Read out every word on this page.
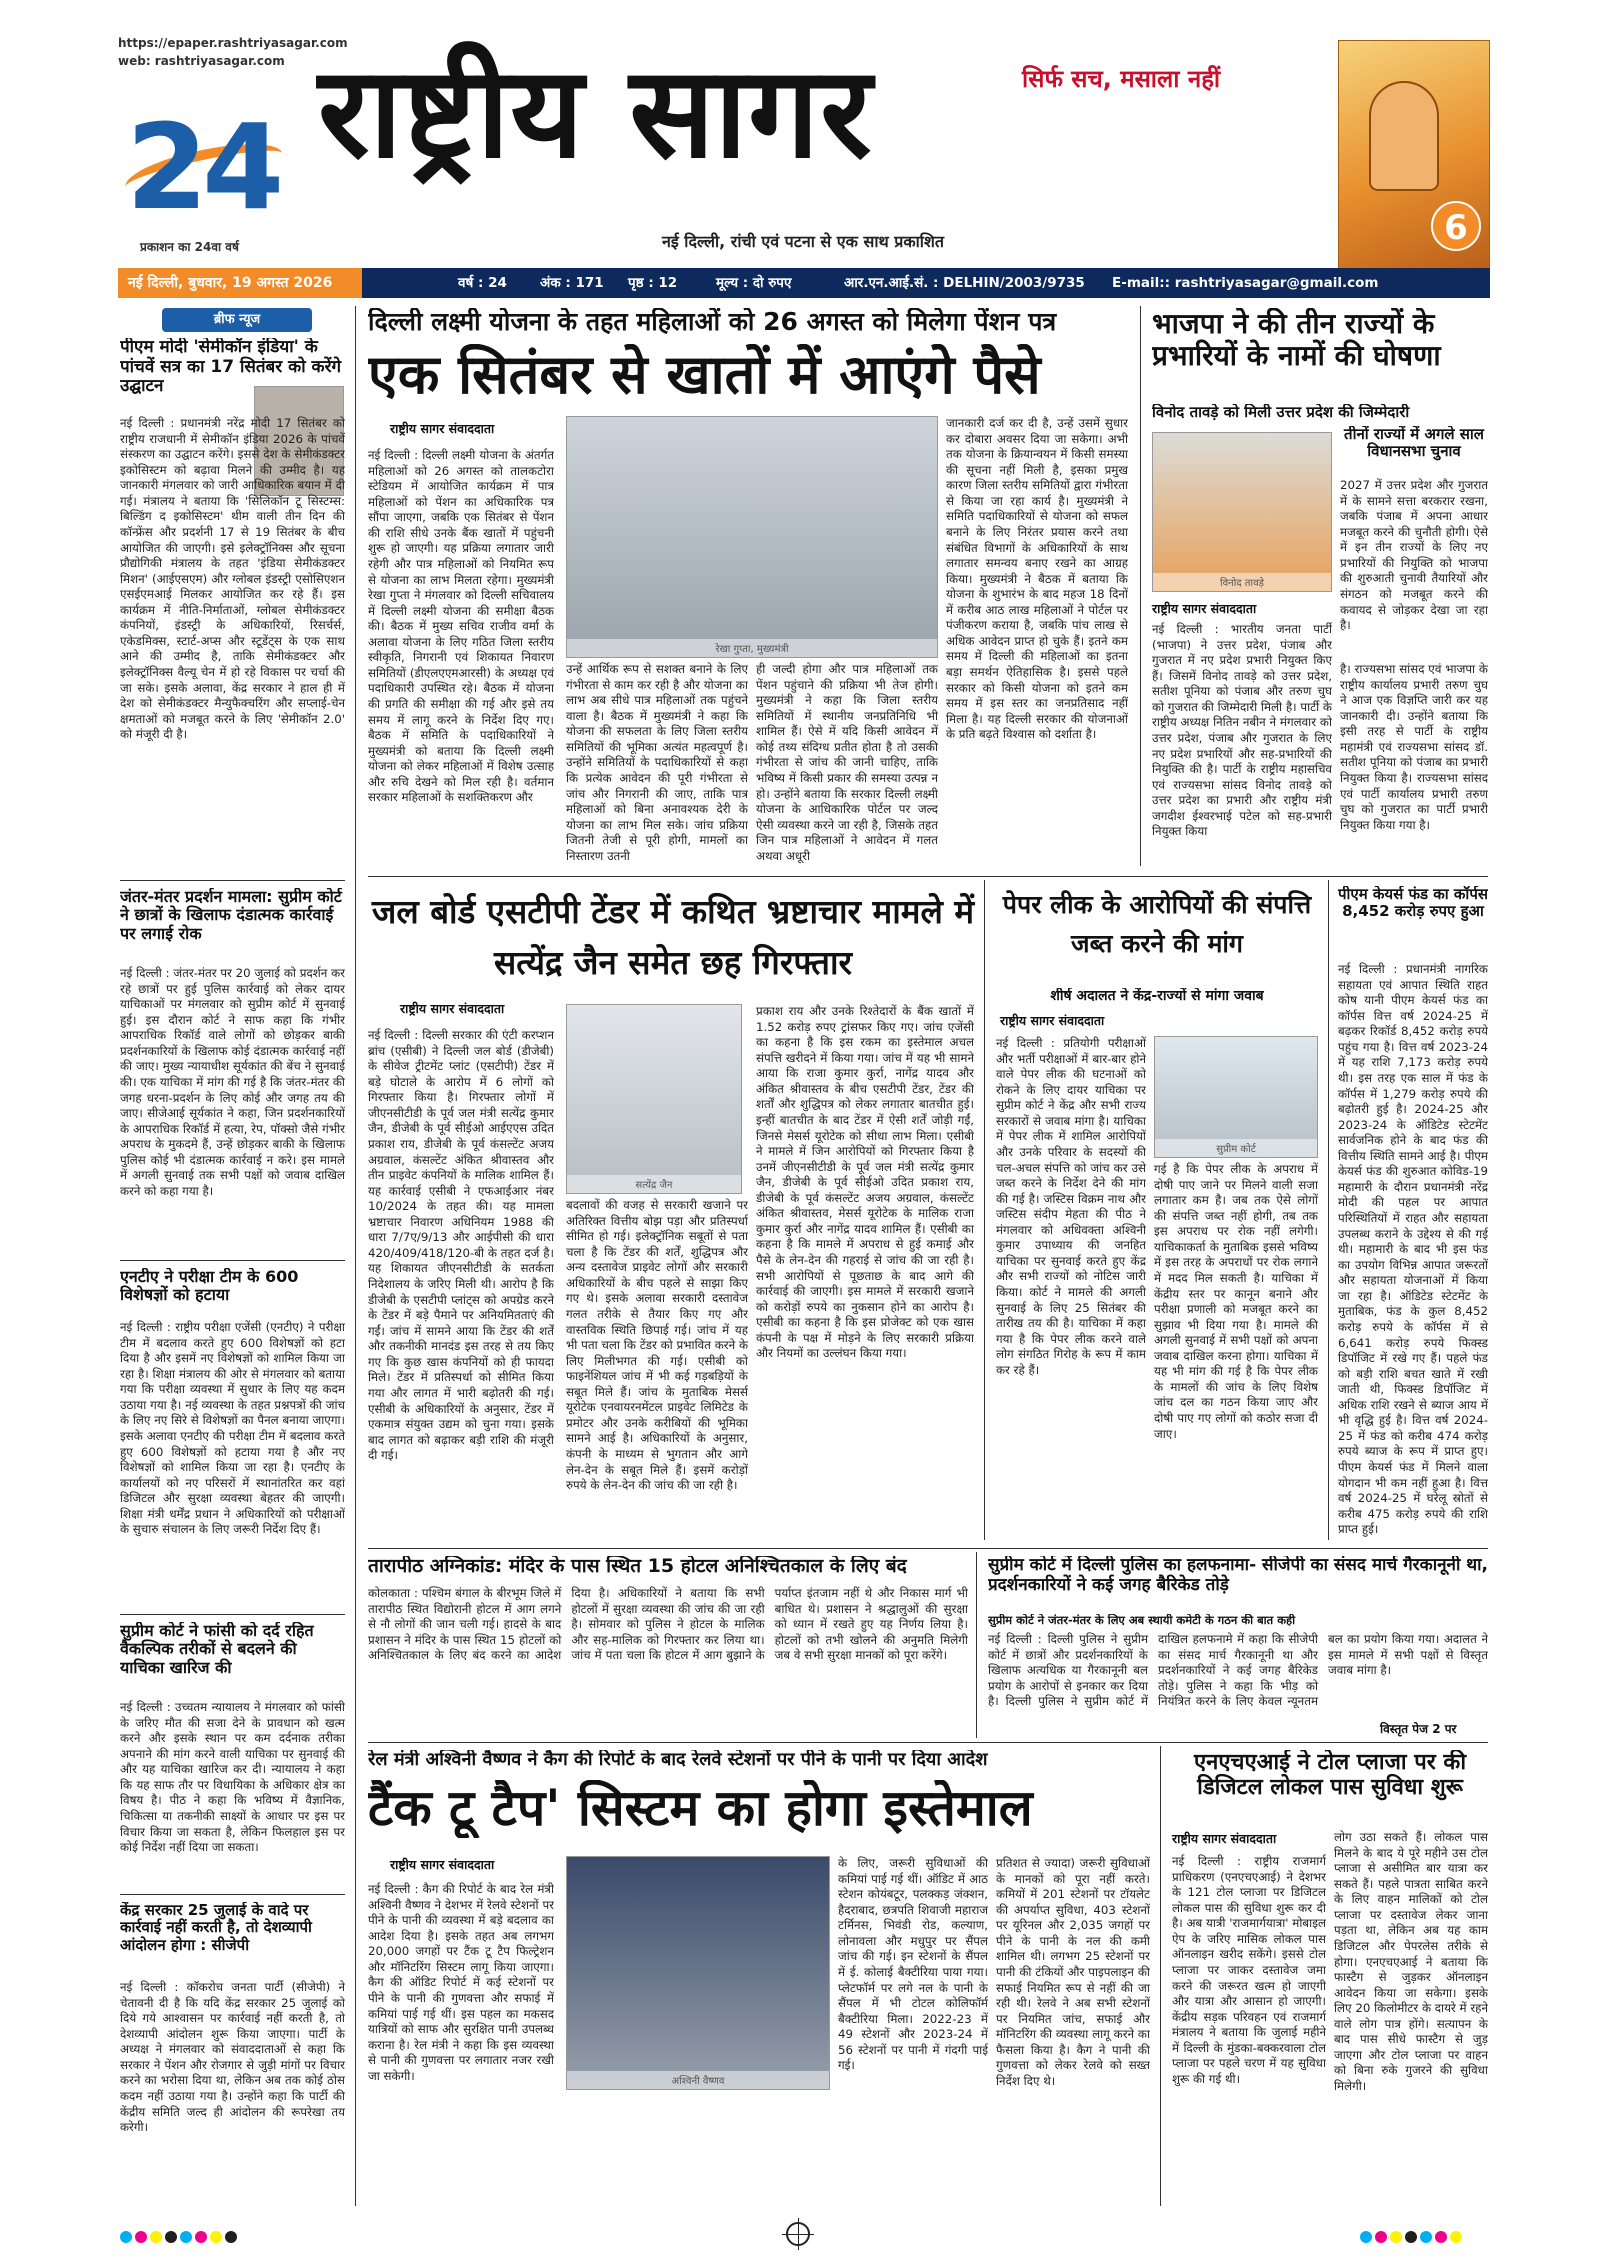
https://epaper.rashtriyasagar.com
web: rashtriyasagar.com
24
प्रकाशन का 24वा वर्ष
राष्ट्रीय सागर	सिर्फ सच, मसाला नहीं
नई दिल्ली, रांची एवं पटना से एक साथ प्रकाशित	6
नई दिल्ली, बुधवार, 19 अगस्त 2026	वर्ष : 24 अंक : 171 पृष्ठ : 12	मूल्य : दो रुपए	आर.एन.आई.सं. : DELHIN/2003/9735 E-mail:: rashtriyasagar@gmail.com
ब्रीफ न्यूज
पीएम मोदी 'सेमीकॉन इंडिया' के पांचवें सत्र का 17 सितंबर को करेंगे उद्घाटन
नई दिल्ली : प्रधानमंत्री नरेंद्र मोदी 17 सितंबर को राष्ट्रीय राजधानी में सेमीकॉन इंडिया 2026 के पांचवें संस्करण का उद्घाटन करेंगे। इससे देश के सेमीकंडक्टर इकोसिस्टम को बढ़ावा मिलने की उम्मीद है। यह जानकारी मंगलवार को जारी आधिकारिक बयान में दी गई। मंत्रालय ने बताया कि 'सिलिकॉन टू सिस्टम्स: बिल्डिंग द इकोसिस्टम' थीम वाली तीन दिन की कॉन्फ्रेंस और प्रदर्शनी 17 से 19 सितंबर के बीच आयोजित की जाएगी। इसे इलेक्ट्रॉनिक्स और सूचना प्रौद्योगिकी मंत्रालय के तहत 'इंडिया सेमीकंडक्टर मिशन' (आईएसएम) और ग्लोबल इंडस्ट्री एसोसिएशन एसईएमआई मिलकर आयोजित कर रहे हैं। इस कार्यक्रम में नीति-निर्माताओं, ग्लोबल सेमीकंडक्टर कंपनियों, इंडस्ट्री के अधिकारियों, रिसर्चर्स, एकेडमिक्स, स्टार्ट-अप्स और स्टूडेंट्स के एक साथ आने की उम्मीद है, ताकि सेमीकंडक्टर और इलेक्ट्रॉनिक्स वैल्यू चेन में हो रहे विकास पर चर्चा की जा सके। इसके अलावा, केंद्र सरकार ने हाल ही में देश को सेमीकंडक्टर मैन्युफैक्चरिंग और सप्लाई-चेन क्षमताओं को मजबूत करने के लिए 'सेमीकॉन 2.0' को मंजूरी दी है।
जंतर-मंतर प्रदर्शन मामला: सुप्रीम कोर्ट ने छात्रों के खिलाफ दंडात्मक कार्रवाई पर लगाई रोक
नई दिल्ली : जंतर-मंतर पर 20 जुलाई को प्रदर्शन कर रहे छात्रों पर हुई पुलिस कार्रवाई को लेकर दायर याचिकाओं पर मंगलवार को सुप्रीम कोर्ट में सुनवाई हुई। इस दौरान कोर्ट ने साफ कहा कि गंभीर आपराधिक रिकॉर्ड वाले लोगों को छोड़कर बाकी प्रदर्शनकारियों के खिलाफ कोई दंडात्मक कार्रवाई नहीं की जाए। मुख्य न्यायाधीश सूर्यकांत की बेंच ने सुनवाई की। एक याचिका में मांग की गई है कि जंतर-मंतर की जगह धरना-प्रदर्शन के लिए कोई और जगह तय की जाए। सीजेआई सूर्यकांत ने कहा, जिन प्रदर्शनकारियों के आपराधिक रिकॉर्ड में हत्या, रेप, पॉक्सो जैसे गंभीर अपराध के मुकदमे हैं, उन्हें छोड़कर बाकी के खिलाफ पुलिस कोई भी दंडात्मक कार्रवाई न करे। इस मामले में अगली सुनवाई तक सभी पक्षों को जवाब दाखिल करने को कहा गया है।
एनटीए ने परीक्षा टीम के 600 विशेषज्ञों को हटाया
नई दिल्ली : राष्ट्रीय परीक्षा एजेंसी (एनटीए) ने परीक्षा टीम में बदलाव करते हुए 600 विशेषज्ञों को हटा दिया है और इसमें नए विशेषज्ञों को शामिल किया जा रहा है। शिक्षा मंत्रालय की ओर से मंगलवार को बताया गया कि परीक्षा व्यवस्था में सुधार के लिए यह कदम उठाया गया है। नई व्यवस्था के तहत प्रश्नपत्रों की जांच के लिए नए सिरे से विशेषज्ञों का पैनल बनाया जाएगा। इसके अलावा एनटीए की परीक्षा टीम में बदलाव करते हुए 600 विशेषज्ञों को हटाया गया है और नए विशेषज्ञों को शामिल किया जा रहा है। एनटीए के कार्यालयों को नए परिसरों में स्थानांतरित कर वहां डिजिटल और सुरक्षा व्यवस्था बेहतर की जाएगी। शिक्षा मंत्री धर्मेंद्र प्रधान ने अधिकारियों को परीक्षाओं के सुचारु संचालन के लिए जरूरी निर्देश दिए हैं।
सुप्रीम कोर्ट ने फांसी को दर्द रहित वैकल्पिक तरीकों से बदलने की याचिका खारिज की
नई दिल्ली : उच्चतम न्यायालय ने मंगलवार को फांसी के जरिए मौत की सजा देने के प्रावधान को खत्म करने और इसके स्थान पर कम दर्दनाक तरीका अपनाने की मांग करने वाली याचिका पर सुनवाई की और यह याचिका खारिज कर दी। न्यायालय ने कहा कि यह साफ तौर पर विधायिका के अधिकार क्षेत्र का विषय है। पीठ ने कहा कि भविष्य में वैज्ञानिक, चिकित्सा या तकनीकी साक्ष्यों के आधार पर इस पर विचार किया जा सकता है, लेकिन फिलहाल इस पर कोई निर्देश नहीं दिया जा सकता।
केंद्र सरकार 25 जुलाई के वादे पर कार्रवाई नहीं करती है, तो देशव्यापी आंदोलन होगा : सीजेपी
नई दिल्ली : कॉकरोच जनता पार्टी (सीजेपी) ने चेतावनी दी है कि यदि केंद्र सरकार 25 जुलाई को दिये गये आश्वासन पर कार्रवाई नहीं करती है, तो देशव्यापी आंदोलन शुरू किया जाएगा। पार्टी के अध्यक्ष ने मंगलवार को संवाददाताओं से कहा कि सरकार ने पेंशन और रोजगार से जुड़ी मांगों पर विचार करने का भरोसा दिया था, लेकिन अब तक कोई ठोस कदम नहीं उठाया गया है। उन्होंने कहा कि पार्टी की केंद्रीय समिति जल्द ही आंदोलन की रूपरेखा तय करेगी।
दिल्ली लक्ष्मी योजना के तहत महिलाओं को 26 अगस्त को मिलेगा पेंशन पत्र
एक सितंबर से खातों में आएंगे पैसे
राष्ट्रीय सागर संवाददाता
नई दिल्ली : दिल्ली लक्ष्मी योजना के अंतर्गत महिलाओं को 26 अगस्त को तालकटोरा स्टेडियम में आयोजित कार्यक्रम में पात्र महिलाओं को पेंशन का अधिकारिक पत्र सौंपा जाएगा, जबकि एक सितंबर से पेंशन की राशि सीधे उनके बैंक खातों में पहुंचनी शुरू हो जाएगी। यह प्रक्रिया लगातार जारी रहेगी और पात्र महिलाओं को नियमित रूप से योजना का लाभ मिलता रहेगा। मुख्यमंत्री रेखा गुप्ता ने मंगलवार को दिल्ली सचिवालय में दिल्ली लक्ष्मी योजना की समीक्षा बैठक की। बैठक में मुख्य सचिव राजीव वर्मा के अलावा योजना के लिए गठित जिला स्तरीय स्वीकृति, निगरानी एवं शिकायत निवारण समितियों (डीएलएएमआरसी) के अध्यक्ष एवं पदाधिकारी उपस्थित रहे। बैठक में योजना की प्रगति की समीक्षा की गई और इसे तय समय में लागू करने के निर्देश दिए गए। बैठक में समिति के पदाधिकारियों ने मुख्यमंत्री को बताया कि दिल्ली लक्ष्मी योजना को लेकर महिलाओं में विशेष उत्साह और रुचि देखने को मिल रही है। वर्तमान सरकार महिलाओं के सशक्तिकरण और
रेखा गुप्ता, मुख्यमंत्री
उन्हें आर्थिक रूप से सशक्त बनाने के लिए गंभीरता से काम कर रही है और योजना का लाभ अब सीधे पात्र महिलाओं तक पहुंचने वाला है। बैठक में मुख्यमंत्री ने कहा कि योजना की सफलता के लिए जिला स्तरीय समितियों की भूमिका अत्यंत महत्वपूर्ण है। उन्होंने समितियों के पदाधिकारियों से कहा कि प्रत्येक आवेदन की पूरी गंभीरता से जांच और निगरानी की जाए, ताकि पात्र महिलाओं को बिना अनावश्यक देरी के योजना का लाभ मिल सके। जांच प्रक्रिया जितनी तेजी से पूरी होगी, मामलों का निस्तारण उतनी
ही जल्दी होगा और पात्र महिलाओं तक पेंशन पहुंचाने की प्रक्रिया भी तेज होगी। मुख्यमंत्री ने कहा कि जिला स्तरीय समितियों में स्थानीय जनप्रतिनिधि भी शामिल हैं। ऐसे में यदि किसी आवेदन में कोई तथ्य संदिग्ध प्रतीत होता है तो उसकी गंभीरता से जांच की जानी चाहिए, ताकि भविष्य में किसी प्रकार की समस्या उत्पन्न न हो। उन्होंने बताया कि सरकार दिल्ली लक्ष्मी योजना के आधिकारिक पोर्टल पर जल्द ऐसी व्यवस्था करने जा रही है, जिसके तहत जिन पात्र महिलाओं ने आवेदन में गलत अथवा अधूरी
जानकारी दर्ज कर दी है, उन्हें उसमें सुधार कर दोबारा अवसर दिया जा सकेगा। अभी तक योजना के क्रियान्वयन में किसी समस्या की सूचना नहीं मिली है, इसका प्रमुख कारण जिला स्तरीय समितियों द्वारा गंभीरता से किया जा रहा कार्य है। मुख्यमंत्री ने समिति पदाधिकारियों से योजना को सफल बनाने के लिए निरंतर प्रयास करने तथा संबंधित विभागों के अधिकारियों के साथ लगातार समन्वय बनाए रखने का आग्रह किया। मुख्यमंत्री ने बैठक में बताया कि योजना के शुभारंभ के बाद महज 18 दिनों में करीब आठ लाख महिलाओं ने पोर्टल पर पंजीकरण कराया है, जबकि पांच लाख से अधिक आवेदन प्राप्त हो चुके हैं। इतने कम समय में दिल्ली की महिलाओं का इतना बड़ा समर्थन ऐतिहासिक है। इससे पहले सरकार को किसी योजना को इतने कम समय में इस स्तर का जनप्रतिसाद नहीं मिला है। यह दिल्ली सरकार की योजनाओं के प्रति बढ़ते विश्वास को दर्शाता है।
भाजपा ने की तीन राज्यों के प्रभारियों के नामों की घोषणा
विनोद तावड़े को मिली उत्तर प्रदेश की जिम्मेदारी
तीनों राज्यों में अगले साल विधानसभा चुनाव
विनोद तावड़े
2027 में उत्तर प्रदेश और गुजरात में के सामने सत्ता बरकरार रखना, जबकि पंजाब में अपना आधार मजबूत करने की चुनौती होगी। ऐसे में इन तीन राज्यों के लिए नए प्रभारियों की नियुक्ति को भाजपा की शुरुआती चुनावी तैयारियों और संगठन को मजबूत करने की कवायद से जोड़कर देखा जा रहा है।
राष्ट्रीय सागर संवाददाता
नई दिल्ली : भारतीय जनता पार्टी (भाजपा) ने उत्तर प्रदेश, पंजाब और गुजरात में नए प्रदेश प्रभारी नियुक्त किए हैं। जिसमें विनोद तावड़े को उत्तर प्रदेश, सतीश पूनिया को पंजाब और तरुण चुघ को गुजरात की जिम्मेदारी मिली है। पार्टी के राष्ट्रीय अध्यक्ष नितिन नबीन ने मंगलवार को उत्तर प्रदेश, पंजाब और गुजरात के लिए नए प्रदेश प्रभारियों और सह-प्रभारियों की नियुक्ति की है। पार्टी के राष्ट्रीय महासचिव एवं राज्यसभा सांसद विनोद तावड़े को उत्तर प्रदेश का प्रभारी और राष्ट्रीय मंत्री जगदीश ईश्वरभाई पटेल को सह-प्रभारी नियुक्त किया
है। राज्यसभा सांसद एवं भाजपा के राष्ट्रीय कार्यालय प्रभारी तरुण चुघ ने आज एक विज्ञप्ति जारी कर यह जानकारी दी। उन्होंने बताया कि इसी तरह से पार्टी के राष्ट्रीय महामंत्री एवं राज्यसभा सांसद डॉ. सतीश पूनिया को पंजाब का प्रभारी नियुक्त किया है। राज्यसभा सांसद एवं पार्टी कार्यालय प्रभारी तरुण चुघ को गुजरात का पार्टी प्रभारी नियुक्त किया गया है।
जल बोर्ड एसटीपी टेंडर में कथित भ्रष्टाचार मामले में सत्येंद्र जैन समेत छह गिरफ्तार
राष्ट्रीय सागर संवाददाता
नई दिल्ली : दिल्ली सरकार की एंटी करप्शन ब्रांच (एसीबी) ने दिल्ली जल बोर्ड (डीजेबी) के सीवेज ट्रीटमेंट प्लांट (एसटीपी) टेंडर में बड़े घोटाले के आरोप में 6 लोगों को गिरफ्तार किया है। गिरफ्तार लोगों में जीएनसीटीडी के पूर्व जल मंत्री सत्येंद्र कुमार जैन, डीजेबी के पूर्व सीईओ आईएएस उदित प्रकाश राय, डीजेबी के पूर्व कंसल्टेंट अजय अग्रवाल, कंसल्टेंट अंकित श्रीवास्तव और तीन प्राइवेट कंपनियों के मालिक शामिल हैं। यह कार्रवाई एसीबी ने एफआईआर नंबर 10/2024 के तहत की। यह मामला भ्रष्टाचार निवारण अधिनियम 1988 की धारा 7/7ए/9/13 और आईपीसी की धारा 420/409/418/120-बी के तहत दर्ज है। यह शिकायत जीएनसीटीडी के सतर्कता निदेशालय के जरिए मिली थी। आरोप है कि डीजेबी के एसटीपी प्लांट्स को अपग्रेड करने के टेंडर में बड़े पैमाने पर अनियमितताएं की गईं। जांच में सामने आया कि टेंडर की शर्तें और तकनीकी मानदंड इस तरह से तय किए गए कि कुछ खास कंपनियों को ही फायदा मिले। टेंडर में प्रतिस्पर्धा को सीमित किया गया और लागत में भारी बढ़ोतरी की गई। एसीबी के अधिकारियों के अनुसार, टेंडर में एकमात्र संयुक्त उद्यम को चुना गया। इसके बाद लागत को बढ़ाकर बड़ी राशि की मंजूरी दी गई।
सत्येंद्र जैन
बदलावों की वजह से सरकारी खजाने पर अतिरिक्त वित्तीय बोझ पड़ा और प्रतिस्पर्धा सीमित हो गई। इलेक्ट्रॉनिक सबूतों से पता चला है कि टेंडर की शर्तें, शुद्धिपत्र और अन्य दस्तावेज प्राइवेट लोगों और सरकारी अधिकारियों के बीच पहले से साझा किए गए थे। इसके अलावा सरकारी दस्तावेज गलत तरीके से तैयार किए गए और वास्तविक स्थिति छिपाई गई। जांच में यह भी पता चला कि टेंडर को प्रभावित करने के लिए मिलीभगत की गई। एसीबी को फाइनेंशियल जांच में भी कई गड़बड़ियों के सबूत मिले हैं। जांच के मुताबिक मेसर्स यूरोटेक एनवायरनमेंटल प्राइवेट लिमिटेड के प्रमोटर और उनके करीबियों की भूमिका सामने आई है। अधिकारियों के अनुसार, कंपनी के माध्यम से भुगतान और आगे लेन-देन के सबूत मिले हैं। इसमें करोड़ों रुपये के लेन-देन की जांच की जा रही है।
प्रकाश राय और उनके रिश्तेदारों के बैंक खातों में 1.52 करोड़ रुपए ट्रांसफर किए गए। जांच एजेंसी का कहना है कि इस रकम का इस्तेमाल अचल संपत्ति खरीदने में किया गया। जांच में यह भी सामने आया कि राजा कुमार कुर्रा, नागेंद्र यादव और अंकित श्रीवास्तव के बीच एसटीपी टेंडर, टेंडर की शर्तों और शुद्धिपत्र को लेकर लगातार बातचीत हुई। इन्हीं बातचीत के बाद टेंडर में ऐसी शर्तें जोड़ी गईं, जिनसे मेसर्स यूरोटेक को सीधा लाभ मिला। एसीबी ने मामले में जिन आरोपियों को गिरफ्तार किया है उनमें जीएनसीटीडी के पूर्व जल मंत्री सत्येंद्र कुमार जैन, डीजेबी के पूर्व सीईओ उदित प्रकाश राय, डीजेबी के पूर्व कंसल्टेंट अजय अग्रवाल, कंसल्टेंट अंकित श्रीवास्तव, मेसर्स यूरोटेक के मालिक राजा कुमार कुर्रा और नागेंद्र यादव शामिल हैं। एसीबी का कहना है कि मामले में अपराध से हुई कमाई और पैसे के लेन-देन की गहराई से जांच की जा रही है। सभी आरोपियों से पूछताछ के बाद आगे की कार्रवाई की जाएगी। इस मामले में सरकारी खजाने को करोड़ों रुपये का नुकसान होने का आरोप है। एसीबी का कहना है कि इस प्रोजेक्ट को एक खास कंपनी के पक्ष में मोड़ने के लिए सरकारी प्रक्रिया और नियमों का उल्लंघन किया गया।
पेपर लीक के आरोपियों की संपत्ति जब्त करने की मांग
शीर्ष अदालत ने केंद्र-राज्यों से मांगा जवाब
राष्ट्रीय सागर संवाददाता
नई दिल्ली : प्रतियोगी परीक्षाओं और भर्ती परीक्षाओं में बार-बार होने वाले पेपर लीक की घटनाओं को रोकने के लिए दायर याचिका पर सुप्रीम कोर्ट ने केंद्र और सभी राज्य सरकारों से जवाब मांगा है। याचिका में पेपर लीक में शामिल आरोपियों और उनके परिवार के सदस्यों की चल-अचल संपत्ति को जांच कर उसे जब्त करने के निर्देश देने की मांग की गई है। जस्टिस विक्रम नाथ और जस्टिस संदीप मेहता की पीठ ने मंगलवार को अधिवक्ता अश्विनी कुमार उपाध्याय की जनहित याचिका पर सुनवाई करते हुए केंद्र और सभी राज्यों को नोटिस जारी किया। कोर्ट ने मामले की अगली सुनवाई के लिए 25 सितंबर की तारीख तय की है। याचिका में कहा गया है कि पेपर लीक करने वाले लोग संगठित गिरोह के रूप में काम कर रहे हैं।
सुप्रीम कोर्ट
गई है कि पेपर लीक के अपराध में दोषी पाए जाने पर मिलने वाली सजा लगातार कम है। जब तक ऐसे लोगों की संपत्ति जब्त नहीं होगी, तब तक इस अपराध पर रोक नहीं लगेगी। याचिकाकर्ता के मुताबिक इससे भविष्य में इस तरह के अपराधों पर रोक लगाने में मदद मिल सकती है। याचिका में केंद्रीय स्तर पर कानून बनाने और परीक्षा प्रणाली को मजबूत करने का सुझाव भी दिया गया है। मामले की अगली सुनवाई में सभी पक्षों को अपना जवाब दाखिल करना होगा। याचिका में यह भी मांग की गई है कि पेपर लीक के मामलों की जांच के लिए विशेष जांच दल का गठन किया जाए और दोषी पाए गए लोगों को कठोर सजा दी जाए।
पीएम केयर्स फंड का कॉर्पस 8,452 करोड़ रुपए हुआ
नई दिल्ली : प्रधानमंत्री नागरिक सहायता एवं आपात स्थिति राहत कोष यानी पीएम केयर्स फंड का कॉर्पस वित्त वर्ष 2024-25 में बढ़कर रिकॉर्ड 8,452 करोड़ रुपये पहुंच गया है। वित्त वर्ष 2023-24 में यह राशि 7,173 करोड़ रुपये थी। इस तरह एक साल में फंड के कॉर्पस में 1,279 करोड़ रुपये की बढ़ोतरी हुई है। 2024-25 और 2023-24 के ऑडिटेड स्टेटमेंट सार्वजनिक होने के बाद फंड की वित्तीय स्थिति सामने आई है। पीएम केयर्स फंड की शुरुआत कोविड-19 महामारी के दौरान प्रधानमंत्री नरेंद्र मोदी की पहल पर आपात परिस्थितियों में राहत और सहायता उपलब्ध कराने के उद्देश्य से की गई थी। महामारी के बाद भी इस फंड का उपयोग विभिन्न आपात जरूरतों और सहायता योजनाओं में किया जा रहा है। ऑडिटेड स्टेटमेंट के मुताबिक, फंड के कुल 8,452 करोड़ रुपये के कॉर्पस में से 6,641 करोड़ रुपये फिक्स्ड डिपॉजिट में रखे गए हैं। पहले फंड को बड़ी राशि बचत खाते में रखी जाती थी, फिक्स्ड डिपॉजिट में अधिक राशि रखने से ब्याज आय में भी वृद्धि हुई है। वित्त वर्ष 2024-25 में फंड को करीब 474 करोड़ रुपये ब्याज के रूप में प्राप्त हुए। पीएम केयर्स फंड में मिलने वाला योगदान भी कम नहीं हुआ है। वित्त वर्ष 2024-25 में घरेलू स्रोतों से करीब 475 करोड़ रुपये की राशि प्राप्त हुई।
तारापीठ अग्निकांड: मंदिर के पास स्थित 15 होटल अनिश्चितकाल के लिए बंद
कोलकाता : पश्चिम बंगाल के बीरभूम जिले में तारापीठ स्थित विद्योरानी होटल में आग लगने से नौ लोगों की जान चली गई। हादसे के बाद प्रशासन ने मंदिर के पास स्थित 15 होटलों को अनिश्चितकाल के लिए बंद करने का आदेश दिया है। अधिकारियों ने बताया कि सभी होटलों में सुरक्षा व्यवस्था की जांच की जा रही है। सोमवार को पुलिस ने होटल के मालिक और सह-मालिक को गिरफ्तार कर लिया था। जांच में पता चला कि होटल में आग बुझाने के पर्याप्त इंतजाम नहीं थे और निकास मार्ग भी बाधित थे। प्रशासन ने श्रद्धालुओं की सुरक्षा को ध्यान में रखते हुए यह निर्णय लिया है। होटलों को तभी खोलने की अनुमति मिलेगी जब वे सभी सुरक्षा मानकों को पूरा करेंगे।
सुप्रीम कोर्ट में दिल्ली पुलिस का हलफनामा- सीजेपी का संसद मार्च गैरकानूनी था, प्रदर्शनकारियों ने कई जगह बैरिकेड तोड़े
सुप्रीम कोर्ट ने जंतर-मंतर के लिए अब स्थायी कमेटी के गठन की बात कही
नई दिल्ली : दिल्ली पुलिस ने सुप्रीम कोर्ट में छात्रों और प्रदर्शनकारियों के खिलाफ अत्यधिक या गैरकानूनी बल प्रयोग के आरोपों से इनकार कर दिया है। दिल्ली पुलिस ने सुप्रीम कोर्ट में दाखिल हलफनामे में कहा कि सीजेपी का संसद मार्च गैरकानूनी था और प्रदर्शनकारियों ने कई जगह बैरिकेड तोड़े। पुलिस ने कहा कि भीड़ को नियंत्रित करने के लिए केवल न्यूनतम बल का प्रयोग किया गया। अदालत ने इस मामले में सभी पक्षों से विस्तृत जवाब मांगा है।
विस्तृत पेज 2 पर
रेल मंत्री अश्विनी वैष्णव ने कैग की रिपोर्ट के बाद रेलवे स्टेशनों पर पीने के पानी पर दिया आदेश
टैंक टू टैप' सिस्टम का होगा इस्तेमाल
राष्ट्रीय सागर संवाददाता
नई दिल्ली : कैग की रिपोर्ट के बाद रेल मंत्री अश्विनी वैष्णव ने देशभर में रेलवे स्टेशनों पर पीने के पानी की व्यवस्था में बड़े बदलाव का आदेश दिया है। इसके तहत अब लगभग 20,000 जगहों पर टैंक टू टैप फिल्ट्रेशन और मॉनिटरिंग सिस्टम लागू किया जाएगा। कैग की ऑडिट रिपोर्ट में कई स्टेशनों पर पीने के पानी की गुणवत्ता और सफाई में कमियां पाई गई थीं। इस पहल का मकसद यात्रियों को साफ और सुरक्षित पानी उपलब्ध कराना है। रेल मंत्री ने कहा कि इस व्यवस्था से पानी की गुणवत्ता पर लगातार नजर रखी जा सकेगी।	अश्विनी वैष्णव
के लिए, जरूरी सुविधाओं की कमियां पाई गई थीं। ऑडिट में आठ स्टेशन कोयंबटूर, पलक्कड़ जंक्शन, हैदराबाद, छत्रपति शिवाजी महाराज टर्मिनस, भिवंडी रोड, कल्याण, लोनावला और मधुपुर पर सैंपल जांच की गई। इन स्टेशनों के सैंपल में ई. कोलाई बैक्टीरिया पाया गया। प्लेटफॉर्म पर लगे नल के पानी के सैंपल में भी टोटल कोलिफॉर्म बैक्टीरिया मिला। 2022-23 में 49 स्टेशनों और 2023-24 में 56 स्टेशनों पर पानी में गंदगी पाई गई।
प्रतिशत से ज्यादा) जरूरी सुविधाओं के मानकों को पूरा नहीं करते। कमियों में 201 स्टेशनों पर टॉयलेट की अपर्याप्त सुविधा, 403 स्टेशनों पर यूरिनल और 2,035 जगहों पर पीने के पानी के नल की कमी शामिल थी। लगभग 25 स्टेशनों पर पानी की टंकियों और पाइपलाइन की सफाई नियमित रूप से नहीं की जा रही थी। रेलवे ने अब सभी स्टेशनों पर नियमित जांच, सफाई और मॉनिटरिंग की व्यवस्था लागू करने का फैसला किया है। कैग ने पानी की गुणवत्ता को लेकर रेलवे को सख्त निर्देश दिए थे।
एनएचएआई ने टोल प्लाजा पर की डिजिटल लोकल पास सुविधा शुरू
राष्ट्रीय सागर संवाददाता
नई दिल्ली : राष्ट्रीय राजमार्ग प्राधिकरण (एनएचएआई) ने देशभर के 121 टोल प्लाजा पर डिजिटल लोकल पास की सुविधा शुरू कर दी है। अब यात्री 'राजमार्गयात्रा' मोबाइल ऐप के जरिए मासिक लोकल पास ऑनलाइन खरीद सकेंगे। इससे टोल प्लाजा पर जाकर दस्तावेज जमा करने की जरूरत खत्म हो जाएगी और यात्रा और आसान हो जाएगी। केंद्रीय सड़क परिवहन एवं राजमार्ग मंत्रालय ने बताया कि जुलाई महीने में दिल्ली के मुंडका-बक्करवाला टोल प्लाजा पर पहले चरण में यह सुविधा शुरू की गई थी।
लोग उठा सकते हैं। लोकल पास मिलने के बाद ये पूरे महीने उस टोल प्लाजा से असीमित बार यात्रा कर सकते हैं। पहले पात्रता साबित करने के लिए वाहन मालिकों को टोल प्लाजा पर दस्तावेज लेकर जाना पड़ता था, लेकिन अब यह काम डिजिटल और पेपरलेस तरीके से होगा। एनएचएआई ने बताया कि फास्टैग से जुड़कर ऑनलाइन आवेदन किया जा सकेगा। इसके लिए 20 किलोमीटर के दायरे में रहने वाले लोग पात्र होंगे। सत्यापन के बाद पास सीधे फास्टैग से जुड़ जाएगा और टोल प्लाजा पर वाहन को बिना रुके गुजरने की सुविधा मिलेगी।
